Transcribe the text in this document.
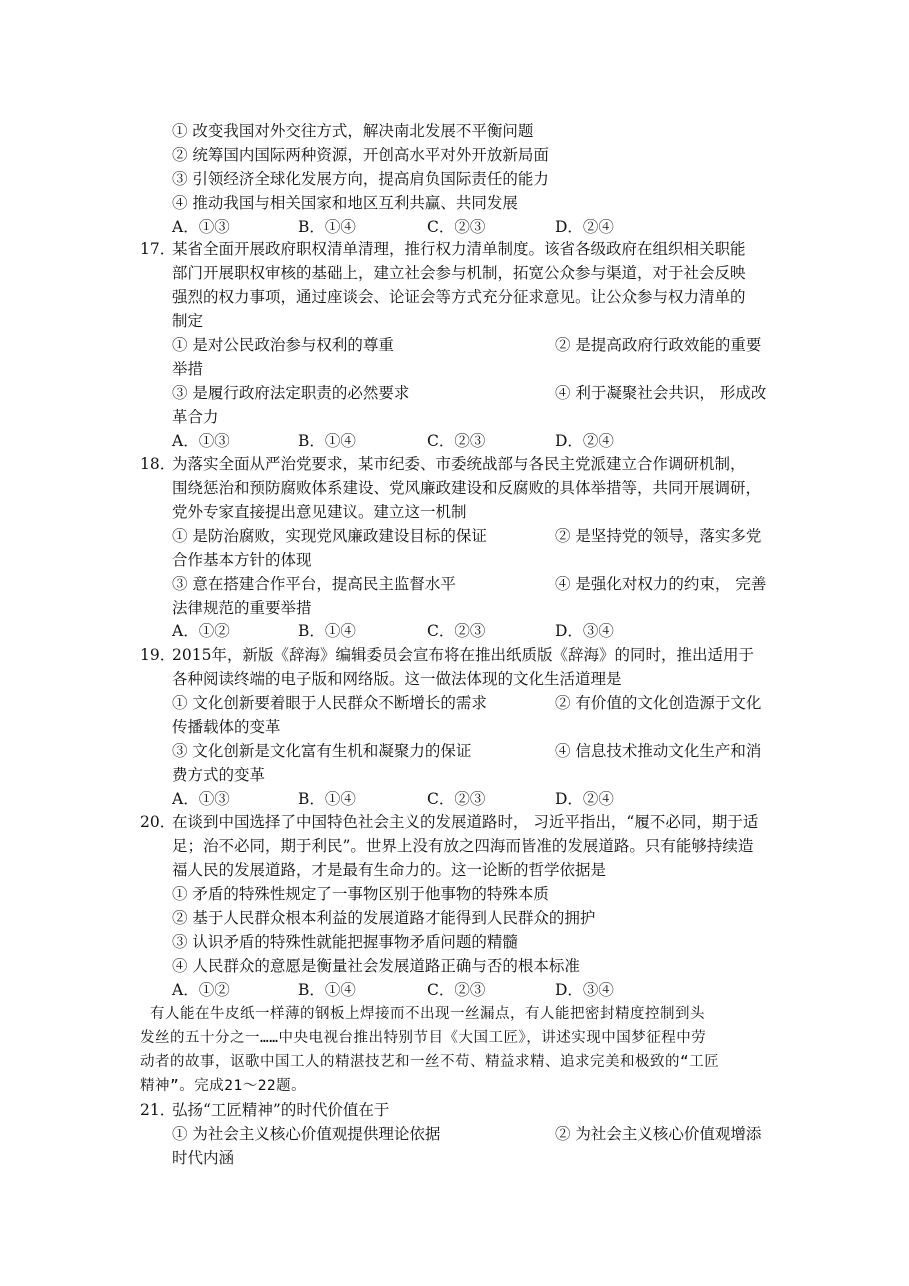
① 改变我国对外交往方式，解决南北发展不平衡问题
② 统筹国内国际两种资源，开创高水平对外开放新局面
③ 引领经济全球化发展方向，提高肩负国际责任的能力
④ 推动我国与相关国家和地区互利共赢、共同发展
A．①③	B．①④	C．②③	D．②④
17．
某省全面开展政府职权清单清理，推行权力清单制度。该省各级政府在组织相关职能
部门开展职权审核的基础上，建立社会参与机制，拓宽公众参与渠道，对于社会反映
强烈的权力事项，通过座谈会、论证会等方式充分征求意见。让公众参与权力清单的
制定
① 是对公民政治参与权利的尊重	② 是提高政府行政效能的重要
举措
③ 是履行政府法定职责的必然要求	④ 利于凝聚社会共识， 形成改
革合力
A．①③	B．①④	C．②③	D．②④
18．
为落实全面从严治党要求，某市纪委、市委统战部与各民主党派建立合作调研机制，
围绕惩治和预防腐败体系建设、党风廉政建设和反腐败的具体举措等，共同开展调研，
党外专家直接提出意见建议。建立这一机制
① 是防治腐败，实现党风廉政建设目标的保证	② 是坚持党的领导，落实多党
合作基本方针的体现
③ 意在搭建合作平台，提高民主监督水平	④ 是强化对权力的约束， 完善
法律规范的重要举措
A．①②	B．①④	C．②③	D．③④
19．
2015年，新版《辞海》编辑委员会宣布将在推出纸质版《辞海》的同时，推出适用于
各种阅读终端的电子版和网络版。这一做法体现的文化生活道理是
① 文化创新要着眼于人民群众不断增长的需求	② 有价值的文化创造源于文化
传播载体的变革
③ 文化创新是文化富有生机和凝聚力的保证	④ 信息技术推动文化生产和消
费方式的变革
A．①③	B．①④	C．②③	D．②④
20．
在谈到中国选择了中国特色社会主义的发展道路时， 习近平指出，“履不必同，期于适
足；治不必同，期于利民”。世界上没有放之四海而皆准的发展道路。只有能够持续造
福人民的发展道路，才是最有生命力的。这一论断的哲学依据是
① 矛盾的特殊性规定了一事物区别于他事物的特殊本质
② 基于人民群众根本利益的发展道路才能得到人民群众的拥护
③ 认识矛盾的特殊性就能把握事物矛盾问题的精髓
④ 人民群众的意愿是衡量社会发展道路正确与否的根本标准
A．①②	B．①④	C．②③	D．③④
有人能在牛皮纸一样薄的钢板上焊接而不出现一丝漏点，有人能把密封精度控制到头
发丝的五十分之一……中央电视台推出特别节目《大国工匠》，讲述实现中国梦征程中劳
动者的故事，讴歌中国工人的精湛技艺和一丝不苟、精益求精、追求完美和极致的“工匠
精神”。完成21～22题。
21．
弘扬“工匠精神”的时代价值在于
① 为社会主义核心价值观提供理论依据	② 为社会主义核心价值观增添
时代内涵
